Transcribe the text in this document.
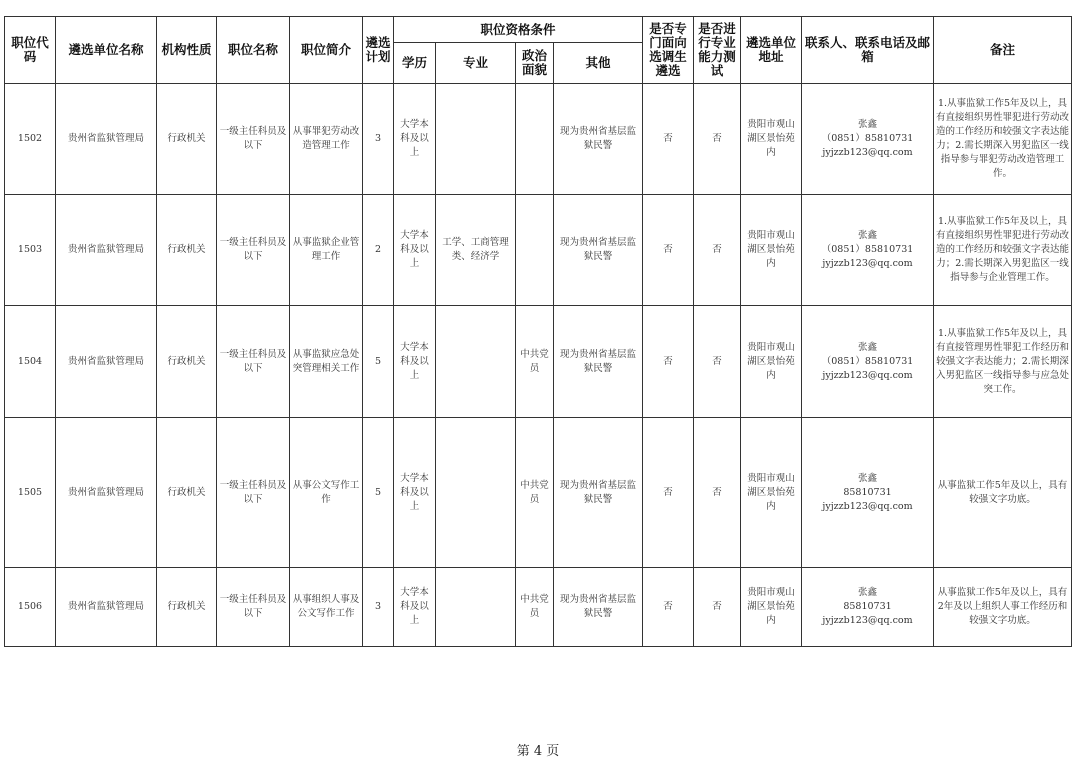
职位代码	遴选单位名称	机构性质	职位名称	职位简介	遴选计划	职位资格条件				是否专门面向选调生遴选	是否进行专业能力测试	遴选单位地址	联系人、联系电话及邮箱	备注
						学历	专业	政治面貌	其他					
1502	贵州省监狱管理局	行政机关	一级主任科员及以下	从事罪犯劳动改造管理工作	3	大学本科及以上			现为贵州省基层监狱民警	否	否	贵阳市观山湖区景怡苑内	张鑫
（0851）85810731
jyjzzb123@qq.com	1.从事监狱工作5年及以上，具有直接组织男性罪犯进行劳动改造的工作经历和较强文字表达能力；2.需长期深入男犯监区一线指导参与罪犯劳动改造管理工作。
1503	贵州省监狱管理局	行政机关	一级主任科员及以下	从事监狱企业管理工作	2	大学本科及以上	工学、工商管理类、经济学		现为贵州省基层监狱民警	否	否	贵阳市观山湖区景怡苑内	张鑫
（0851）85810731
jyjzzb123@qq.com	1.从事监狱工作5年及以上，具有直接组织男性罪犯进行劳动改造的工作经历和较强文字表达能力；2.需长期深入男犯监区一线指导参与企业管理工作。
1504	贵州省监狱管理局	行政机关	一级主任科员及以下	从事监狱应急处突管理相关工作	5	大学本科及以上		中共党员	现为贵州省基层监狱民警	否	否	贵阳市观山湖区景怡苑内	张鑫
（0851）85810731
jyjzzb123@qq.com	1.从事监狱工作5年及以上，具有直接管理男性罪犯工作经历和较强文字表达能力；2.需长期深入男犯监区一线指导参与应急处突工作。
1505	贵州省监狱管理局	行政机关	一级主任科员及以下	从事公文写作工作	5	大学本科及以上		中共党员	现为贵州省基层监狱民警	否	否	贵阳市观山湖区景怡苑内	张鑫
85810731
jyjzzb123@qq.com	从事监狱工作5年及以上，具有较强文字功底。
1506	贵州省监狱管理局	行政机关	一级主任科员及以下	从事组织人事及公文写作工作	3	大学本科及以上		中共党员	现为贵州省基层监狱民警	否	否	贵阳市观山湖区景怡苑内	张鑫
85810731
jyjzzb123@qq.com	从事监狱工作5年及以上，具有2年及以上组织人事工作经历和较强文字功底。
第 4 页
